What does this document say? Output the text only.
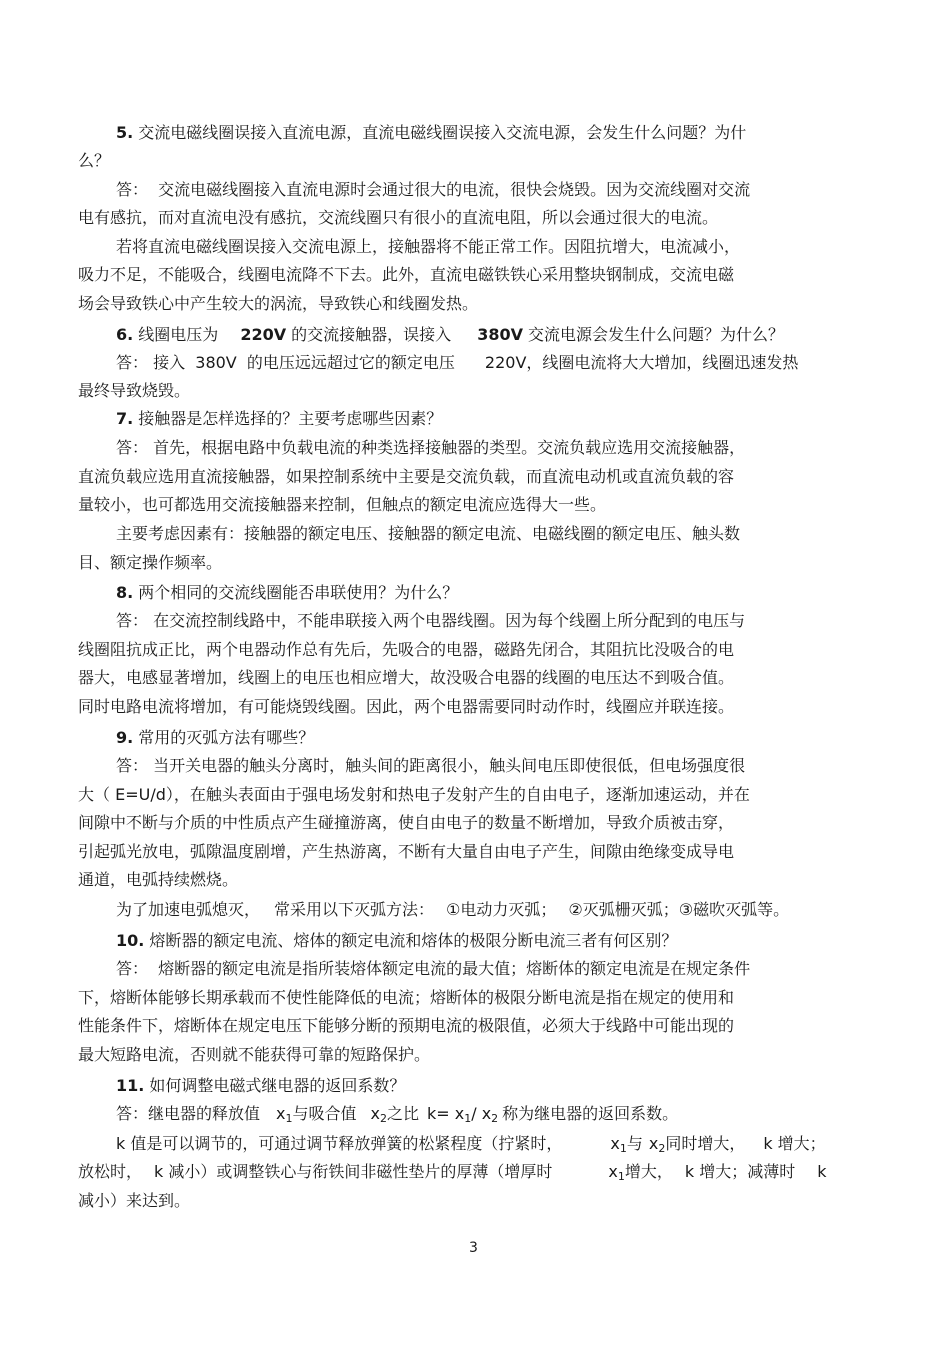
5. 交流电磁线圈误接入直流电源，直流电磁线圈误接入交流电源，会发生什么问题？为什
么？
答：  交流电磁线圈接入直流电源时会通过很大的电流，很快会烧毁。因为交流线圈对交流
电有感抗，而对直流电没有感抗，交流线圈只有很小的直流电阻，所以会通过很大的电流。
若将直流电磁线圈误接入交流电源上，接触器将不能正常工作。因阻抗增大，电流减小，
吸力不足，不能吸合，线圈电流降不下去。此外，直流电磁铁铁心采用整块钢制成，交流电磁
场会导致铁心中产生较大的涡流，导致铁心和线圈发热。
6. 线圈电压为 220V 的交流接触器，误接入 380V 交流电源会发生什么问题？为什么？
答： 接入  380V  的电压远远超过它的额定电压 220V，线圈电流将大大增加，线圈迅速发热
最终导致烧毁。
7. 接触器是怎样选择的？主要考虑哪些因素？
答： 首先，根据电路中负载电流的种类选择接触器的类型。交流负载应选用交流接触器，
直流负载应选用直流接触器，如果控制系统中主要是交流负载，而直流电动机或直流负载的容
量较小，也可都选用交流接触器来控制，但触点的额定电流应选得大一些。
主要考虑因素有：接触器的额定电压、接触器的额定电流、电磁线圈的额定电压、触头数
目、额定操作频率。
8. 两个相同的交流线圈能否串联使用？为什么？
答： 在交流控制线路中，不能串联接入两个电器线圈。因为每个线圈上所分配到的电压与
线圈阻抗成正比，两个电器动作总有先后，先吸合的电器，磁路先闭合，其阻抗比没吸合的电
器大，电感显著增加，线圈上的电压也相应增大，故没吸合电器的线圈的电压达不到吸合值。
同时电路电流将增加，有可能烧毁线圈。因此，两个电器需要同时动作时，线圈应并联连接。
9. 常用的灭弧方法有哪些？
答： 当开关电器的触头分离时，触头间的距离很小，触头间电压即使很低，但电场强度很
大（ E=U/d），在触头表面由于强电场发射和热电子发射产生的自由电子，逐渐加速运动，并在
间隙中不断与介质的中性质点产生碰撞游离，使自由电子的数量不断增加，导致介质被击穿，
引起弧光放电，弧隙温度剧增，产生热游离，不断有大量自由电子产生，间隙由绝缘变成导电
通道，电弧持续燃烧。
为了加速电弧熄灭， 常采用以下灭弧方法： ①电动力灭弧； ②灭弧栅灭弧；③磁吹灭弧等。
10. 熔断器的额定电流、熔体的额定电流和熔体的极限分断电流三者有何区别？
答：  熔断器的额定电流是指所装熔体额定电流的最大值；熔断体的额定电流是在规定条件
下，熔断体能够长期承载而不使性能降低的电流；熔断体的极限分断电流是指在规定的使用和
性能条件下，熔断体在规定电压下能够分断的预期电流的极限值，必须大于线路中可能出现的
最大短路电流，否则就不能获得可靠的短路保护。
11. 如何调整电磁式继电器的返回系数？
答：继电器的释放值 $x_1$与吸合值 $x_2$之比 $k= x_1/$ $x_2$ 称为继电器的返回系数。
k 值是可以调节的，可通过调节释放弹簧的松紧程度（拧紧时，	$x_1$与 $x_2$同时增大， k 增大；
放松时， k 减小）或调整铁心与衔铁间非磁性垫片的厚薄（增厚时	$x_1$增大， k 增大；减薄时 k
减小）来达到。
3
